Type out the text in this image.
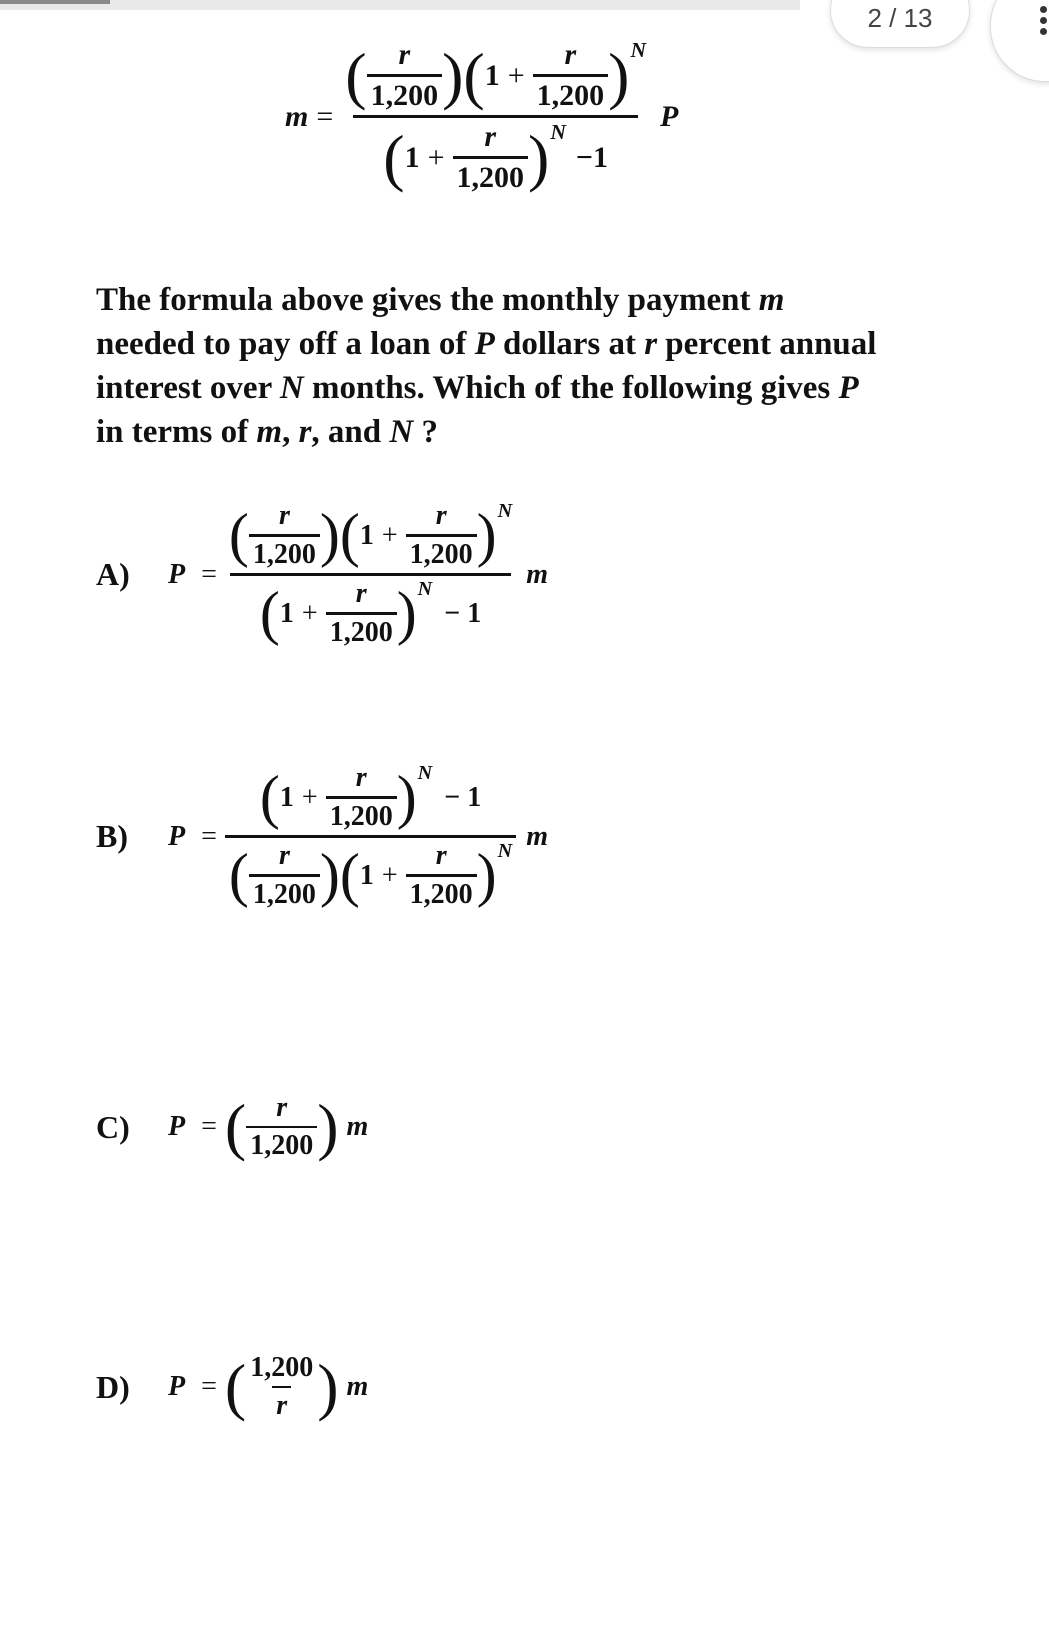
2 / 13
m =
( $\frac{r}{1,200}$ )( $1 + \frac{r}{1,200}$ ) N
( $1 + \frac{r}{1,200}$ ) N
−1
P
The formula above gives the monthly payment m needed to pay off a loan of P dollars at r percent annual interest over N months. Which of the following gives P in terms of m, r, and N ?
A)	P =
( $\frac{r}{1,200}$ )( $1 + \frac{r}{1,200}$ ) N
( $1 + \frac{r}{1,200}$ ) N
− 1
m
B)	P =
( $1 + \frac{r}{1,200}$ ) N
− 1
( $\frac{r}{1,200}$ )( $1 + \frac{r}{1,200}$ ) N m
C)	P = ( $\frac{r}{1,200}$ ) m
D)	P = ( $\frac{1,200}{r}$ ) m
